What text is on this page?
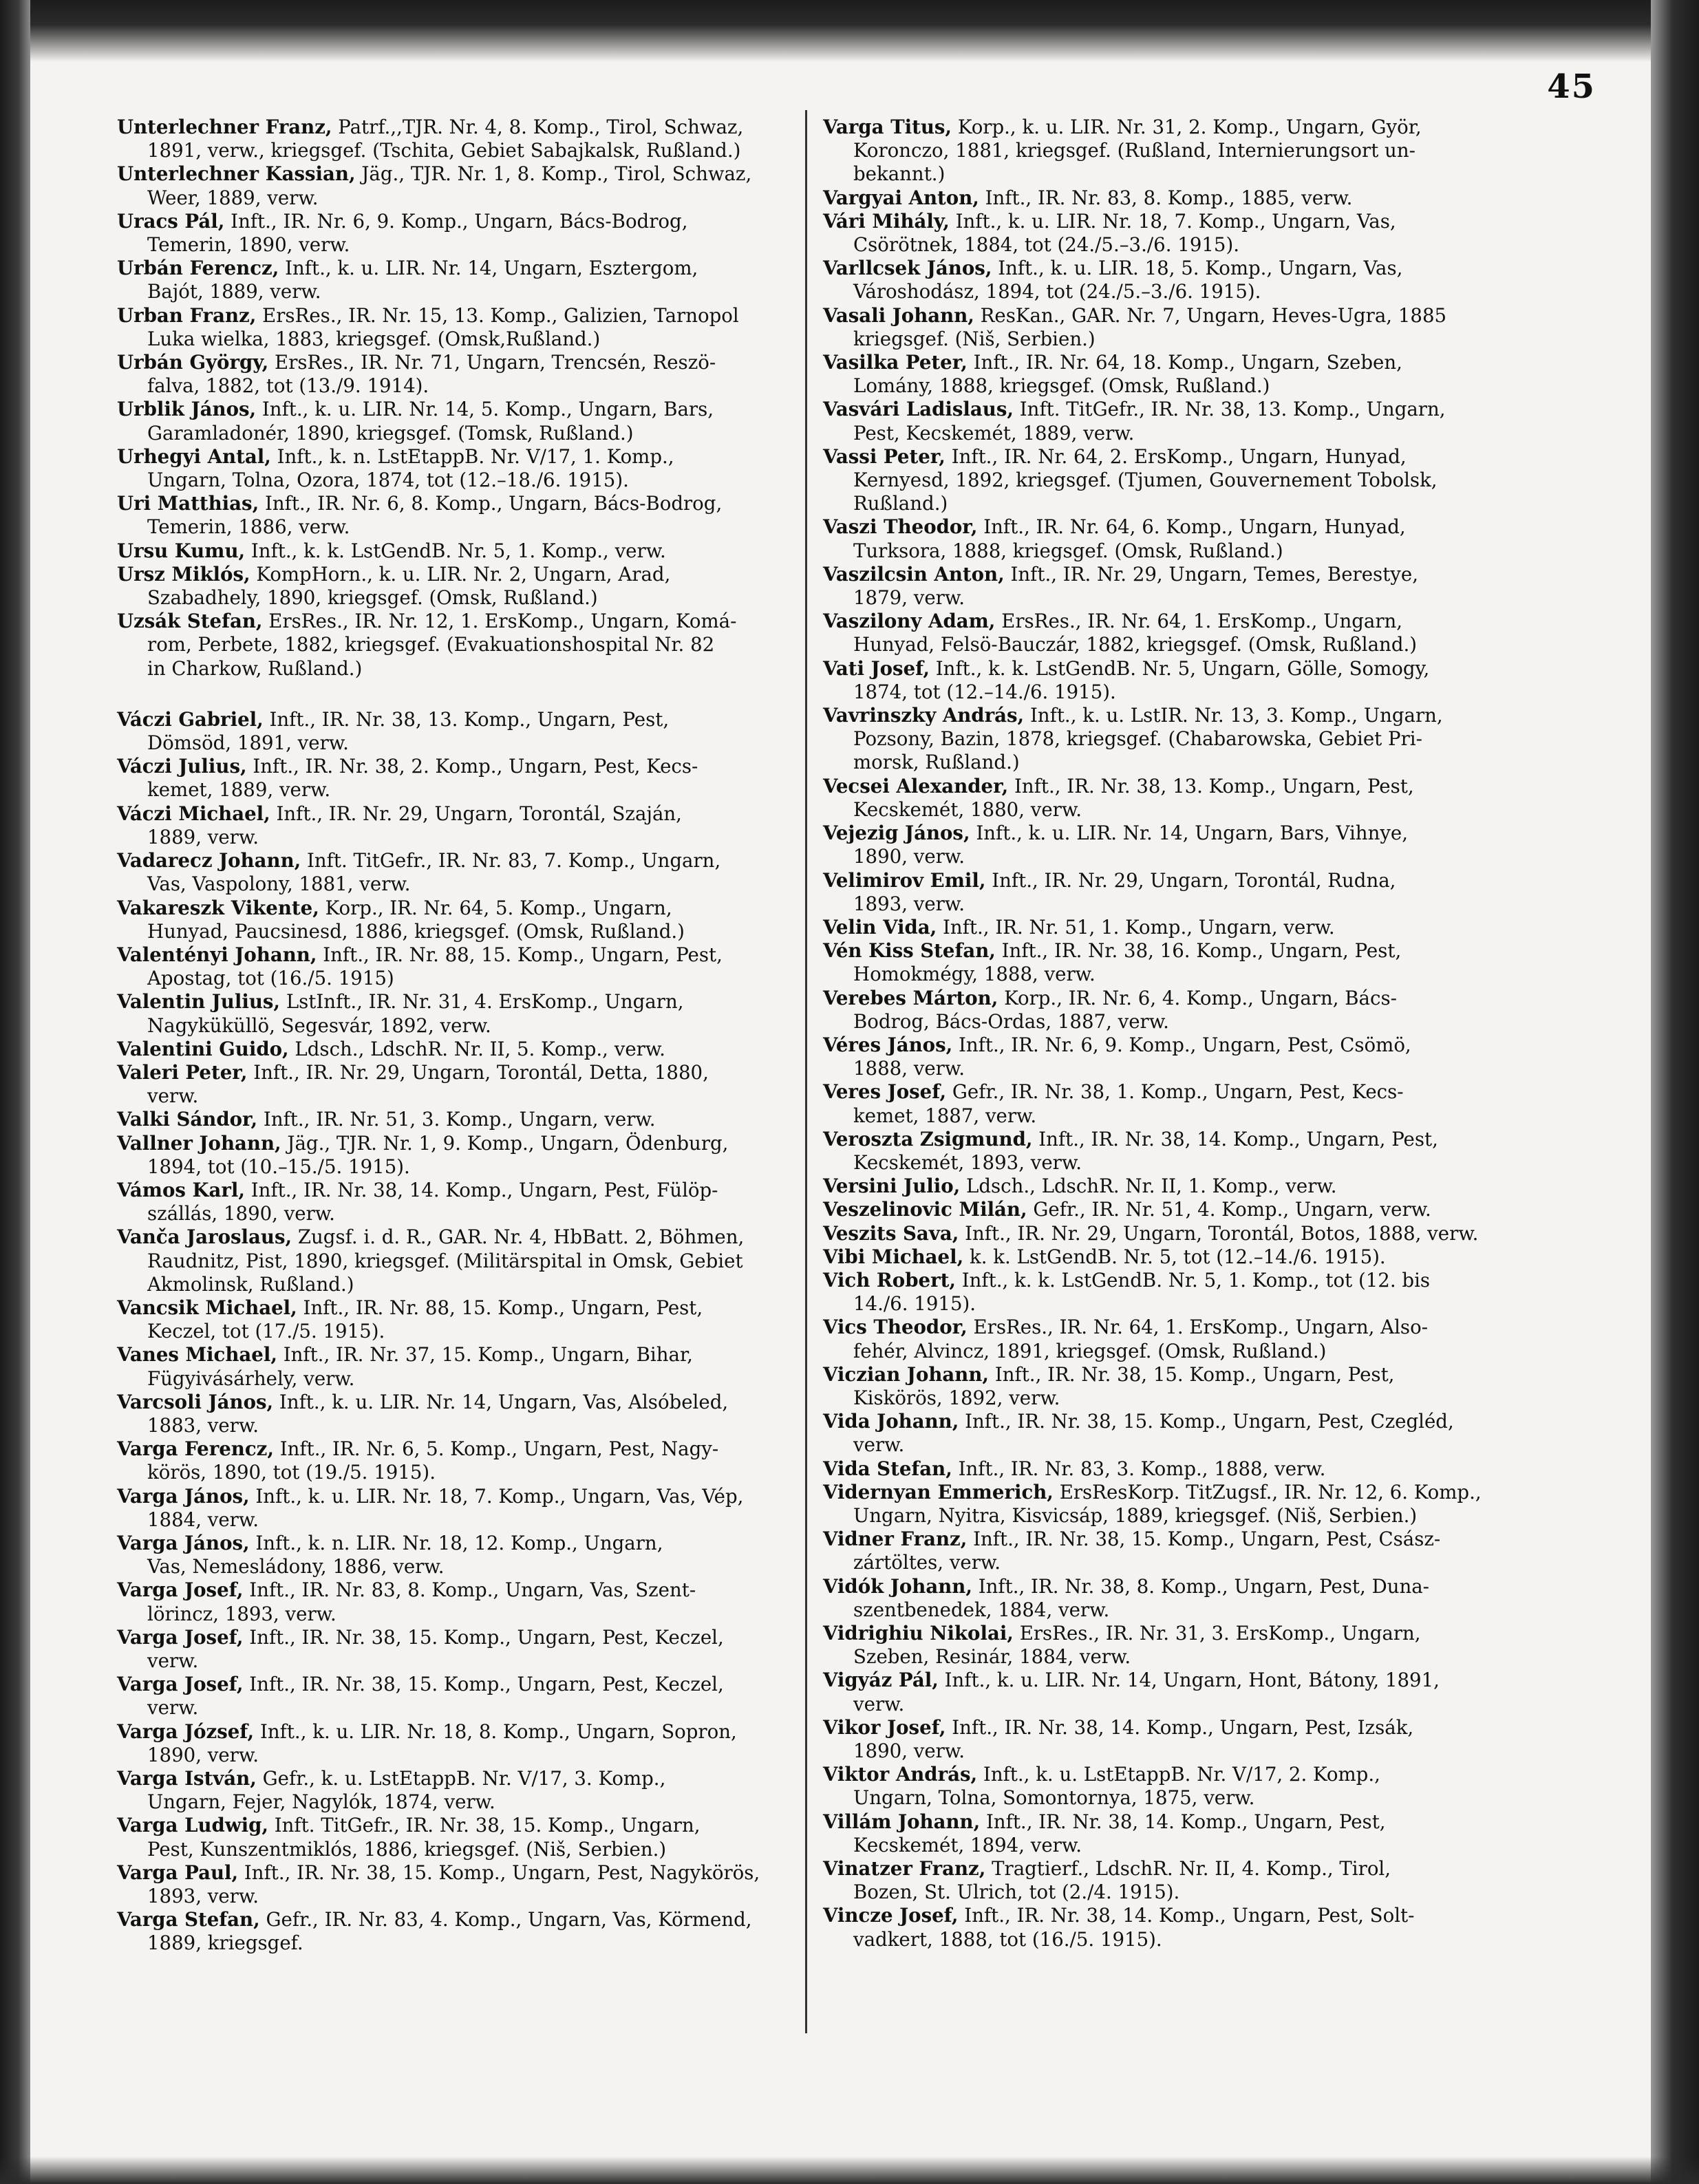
45

Unterlechner Franz, Patrf.,,TJR. Nr. 4, 8. Komp., Tirol, Schwaz,
1891, verw., kriegsgef. (Tschita, Gebiet Sabajkalsk, Rußland.)

Unterlechner Kassian, Jäg., TJR. Nr. 1, 8. Komp., Tirol, Schwaz,
Weer, 1889, verw.

Uracs Pál, Inft., IR. Nr. 6, 9. Komp., Ungarn, Bács-Bodrog,
Temerin, 1890, verw.

Urbán Ferencz, Inft., k. u. LIR. Nr. 14, Ungarn, Esztergom,
Bajót, 1889, verw.

Urban Franz, ErsRes., IR. Nr. 15, 13. Komp., Galizien, Tarnopol
Luka wielka, 1883, kriegsgef. (Omsk,Rußland.)

Urbán György, ErsRes., IR. Nr. 71, Ungarn, Trencsén, Reszö-
falva, 1882, tot (13./9. 1914).

Urblik János, Inft., k. u. LIR. Nr. 14, 5. Komp., Ungarn, Bars,
Garamladonér, 1890, kriegsgef. (Tomsk, Rußland.)

Urhegyi Antal, Inft., k. n. LstEtappB. Nr. V/17, 1. Komp.,
Ungarn, Tolna, Ozora, 1874, tot (12.–18./6. 1915).

Uri Matthias, Inft., IR. Nr. 6, 8. Komp., Ungarn, Bács-Bodrog,
Temerin, 1886, verw.

Ursu Kumu, Inft., k. k. LstGendB. Nr. 5, 1. Komp., verw.

Ursz Miklós, KompHorn., k. u. LIR. Nr. 2, Ungarn, Arad,
Szabadhely, 1890, kriegsgef. (Omsk, Rußland.)

Uzsák Stefan, ErsRes., IR. Nr. 12, 1. ErsKomp., Ungarn, Komá-
rom, Perbete, 1882, kriegsgef. (Evakuationshospital Nr. 82
in Charkow, Rußland.)

Váczi Gabriel, Inft., IR. Nr. 38, 13. Komp., Ungarn, Pest,
Dömsöd, 1891, verw.

Váczi Julius, Inft., IR. Nr. 38, 2. Komp., Ungarn, Pest, Kecs-
kemet, 1889, verw.

Váczi Michael, Inft., IR. Nr. 29, Ungarn, Torontál, Szaján,
1889, verw.

Vadarecz Johann, Inft. TitGefr., IR. Nr. 83, 7. Komp., Ungarn,
Vas, Vaspolony, 1881, verw.

Vakareszk Vikente, Korp., IR. Nr. 64, 5. Komp., Ungarn,
Hunyad, Paucsinesd, 1886, kriegsgef. (Omsk, Rußland.)

Valentényi Johann, Inft., IR. Nr. 88, 15. Komp., Ungarn, Pest,
Apostag, tot (16./5. 1915)

Valentin Julius, LstInft., IR. Nr. 31, 4. ErsKomp., Ungarn,
Nagyküküllö, Segesvár, 1892, verw.

Valentini Guido, Ldsch., LdschR. Nr. II, 5. Komp., verw.

Valeri Peter, Inft., IR. Nr. 29, Ungarn, Torontál, Detta, 1880,
verw.

Valki Sándor, Inft., IR. Nr. 51, 3. Komp., Ungarn, verw.

Vallner Johann, Jäg., TJR. Nr. 1, 9. Komp., Ungarn, Ödenburg,
1894, tot (10.–15./5. 1915).

Vámos Karl, Inft., IR. Nr. 38, 14. Komp., Ungarn, Pest, Fülöp-
szállás, 1890, verw.

Vanča Jaroslaus, Zugsf. i. d. R., GAR. Nr. 4, HbBatt. 2, Böhmen,
Raudnitz, Pist, 1890, kriegsgef. (Militärspital in Omsk, Gebiet
Akmolinsk, Rußland.)

Vancsik Michael, Inft., IR. Nr. 88, 15. Komp., Ungarn, Pest,
Keczel, tot (17./5. 1915).

Vanes Michael, Inft., IR. Nr. 37, 15. Komp., Ungarn, Bihar,
Fügyivásárhely, verw.

Varcsoli János, Inft., k. u. LIR. Nr. 14, Ungarn, Vas, Alsóbeled,
1883, verw.

Varga Ferencz, Inft., IR. Nr. 6, 5. Komp., Ungarn, Pest, Nagy-
körös, 1890, tot (19./5. 1915).

Varga János, Inft., k. u. LIR. Nr. 18, 7. Komp., Ungarn, Vas, Vép,
1884, verw.

Varga János, Inft., k. n. LIR. Nr. 18, 12. Komp., Ungarn,
Vas, Nemesládony, 1886, verw.

Varga Josef, Inft., IR. Nr. 83, 8. Komp., Ungarn, Vas, Szent-
lörincz, 1893, verw.

Varga Josef, Inft., IR. Nr. 38, 15. Komp., Ungarn, Pest, Keczel,
verw.

Varga Josef, Inft., IR. Nr. 38, 15. Komp., Ungarn, Pest, Keczel,
verw.

Varga József, Inft., k. u. LIR. Nr. 18, 8. Komp., Ungarn, Sopron,
1890, verw.

Varga István, Gefr., k. u. LstEtappB. Nr. V/17, 3. Komp.,
Ungarn, Fejer, Nagylók, 1874, verw.

Varga Ludwig, Inft. TitGefr., IR. Nr. 38, 15. Komp., Ungarn,
Pest, Kunszentmiklós, 1886, kriegsgef. (Niš, Serbien.)

Varga Paul, Inft., IR. Nr. 38, 15. Komp., Ungarn, Pest, Nagykörös,
1893, verw.

Varga Stefan, Gefr., IR. Nr. 83, 4. Komp., Ungarn, Vas, Körmend,
1889, kriegsgef.

Varga Titus, Korp., k. u. LIR. Nr. 31, 2. Komp., Ungarn, Györ,
Koronczo, 1881, kriegsgef. (Rußland, Internierungsort un-
bekannt.)

Vargyai Anton, Inft., IR. Nr. 83, 8. Komp., 1885, verw.

Vári Mihály, Inft., k. u. LIR. Nr. 18, 7. Komp., Ungarn, Vas,
Csörötnek, 1884, tot (24./5.–3./6. 1915).

Varllcsek János, Inft., k. u. LIR. 18, 5. Komp., Ungarn, Vas,
Városhodász, 1894, tot (24./5.–3./6. 1915).

Vasali Johann, ResKan., GAR. Nr. 7, Ungarn, Heves-Ugra, 1885
kriegsgef. (Niš, Serbien.)

Vasilka Peter, Inft., IR. Nr. 64, 18. Komp., Ungarn, Szeben,
Lomány, 1888, kriegsgef. (Omsk, Rußland.)

Vasvári Ladislaus, Inft. TitGefr., IR. Nr. 38, 13. Komp., Ungarn,
Pest, Kecskemét, 1889, verw.

Vassi Peter, Inft., IR. Nr. 64, 2. ErsKomp., Ungarn, Hunyad,
Kernyesd, 1892, kriegsgef. (Tjumen, Gouvernement Tobolsk,
Rußland.)

Vaszi Theodor, Inft., IR. Nr. 64, 6. Komp., Ungarn, Hunyad,
Turksora, 1888, kriegsgef. (Omsk, Rußland.)

Vaszilcsin Anton, Inft., IR. Nr. 29, Ungarn, Temes, Berestye,
1879, verw.

Vaszilony Adam, ErsRes., IR. Nr. 64, 1. ErsKomp., Ungarn,
Hunyad, Felsö-Bauczár, 1882, kriegsgef. (Omsk, Rußland.)

Vati Josef, Inft., k. k. LstGendB. Nr. 5, Ungarn, Gölle, Somogy,
1874, tot (12.–14./6. 1915).

Vavrinszky András, Inft., k. u. LstIR. Nr. 13, 3. Komp., Ungarn,
Pozsony, Bazin, 1878, kriegsgef. (Chabarowska, Gebiet Pri-
morsk, Rußland.)

Vecsei Alexander, Inft., IR. Nr. 38, 13. Komp., Ungarn, Pest,
Kecskemét, 1880, verw.

Vejezig János, Inft., k. u. LIR. Nr. 14, Ungarn, Bars, Vihnye,
1890, verw.

Velimirov Emil, Inft., IR. Nr. 29, Ungarn, Torontál, Rudna,
1893, verw.

Velin Vida, Inft., IR. Nr. 51, 1. Komp., Ungarn, verw.

Vén Kiss Stefan, Inft., IR. Nr. 38, 16. Komp., Ungarn, Pest,
Homokmégy, 1888, verw.

Verebes Márton, Korp., IR. Nr. 6, 4. Komp., Ungarn, Bács-
Bodrog, Bács-Ordas, 1887, verw.

Véres János, Inft., IR. Nr. 6, 9. Komp., Ungarn, Pest, Csömö,
1888, verw.

Veres Josef, Gefr., IR. Nr. 38, 1. Komp., Ungarn, Pest, Kecs-
kemet, 1887, verw.

Veroszta Zsigmund, Inft., IR. Nr. 38, 14. Komp., Ungarn, Pest,
Kecskemét, 1893, verw.

Versini Julio, Ldsch., LdschR. Nr. II, 1. Komp., verw.

Veszelinovic Milán, Gefr., IR. Nr. 51, 4. Komp., Ungarn, verw.

Veszits Sava, Inft., IR. Nr. 29, Ungarn, Torontál, Botos, 1888, verw.

Vibi Michael, k. k. LstGendB. Nr. 5, tot (12.–14./6. 1915).

Vich Robert, Inft., k. k. LstGendB. Nr. 5, 1. Komp., tot (12. bis
14./6. 1915).

Vics Theodor, ErsRes., IR. Nr. 64, 1. ErsKomp., Ungarn, Also-
fehér, Alvincz, 1891, kriegsgef. (Omsk, Rußland.)

Viczian Johann, Inft., IR. Nr. 38, 15. Komp., Ungarn, Pest,
Kiskörös, 1892, verw.

Vida Johann, Inft., IR. Nr. 38, 15. Komp., Ungarn, Pest, Czegléd,
verw.

Vida Stefan, Inft., IR. Nr. 83, 3. Komp., 1888, verw.

Vidernyan Emmerich, ErsResKorp. TitZugsf., IR. Nr. 12, 6. Komp.,
Ungarn, Nyitra, Kisvicsáp, 1889, kriegsgef. (Niš, Serbien.)

Vidner Franz, Inft., IR. Nr. 38, 15. Komp., Ungarn, Pest, Csász-
zártöltes, verw.

Vidók Johann, Inft., IR. Nr. 38, 8. Komp., Ungarn, Pest, Duna-
szentbenedek, 1884, verw.

Vidrighiu Nikolai, ErsRes., IR. Nr. 31, 3. ErsKomp., Ungarn,
Szeben, Resinár, 1884, verw.

Vigyáz Pál, Inft., k. u. LIR. Nr. 14, Ungarn, Hont, Bátony, 1891,
verw.

Vikor Josef, Inft., IR. Nr. 38, 14. Komp., Ungarn, Pest, Izsák,
1890, verw.

Viktor András, Inft., k. u. LstEtappB. Nr. V/17, 2. Komp.,
Ungarn, Tolna, Somontornya, 1875, verw.

Villám Johann, Inft., IR. Nr. 38, 14. Komp., Ungarn, Pest,
Kecskemét, 1894, verw.

Vinatzer Franz, Tragtierf., LdschR. Nr. II, 4. Komp., Tirol,
Bozen, St. Ulrich, tot (2./4. 1915).

Vincze Josef, Inft., IR. Nr. 38, 14. Komp., Ungarn, Pest, Solt-
vadkert, 1888, tot (16./5. 1915).
